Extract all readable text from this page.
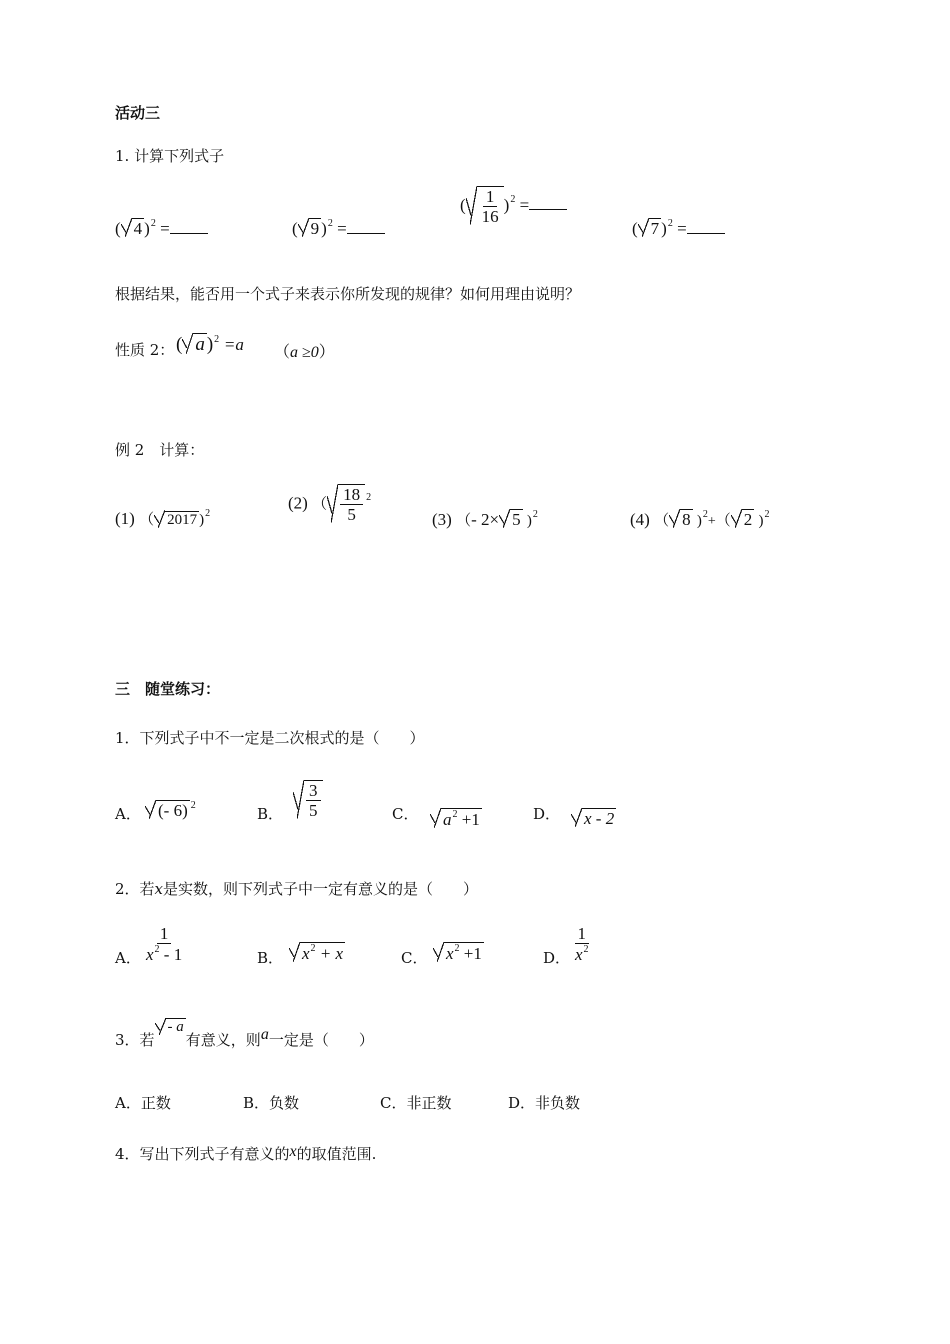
活动三
1. 计算下列式子
( 4 )$^2$ =	( 9 )$^2$ =
( $\frac{1}{16} )^2$ =
( 7 )$^2$ =
根据结果，能否用一个式子来表示你所发现的规律？如何用理由说明？
性质 2： ( a )$^2$ =a （a ≥0）
例 2　计算：
(1) （ 2017 )$^2$
(2) （ $\frac{18}{5} ^2$
(3) （- 2× 5 )$^2$	(4) （ 8 )$^2$+（ 2 )$^2$
三　随堂练习：
1．下列式子中不一定是二次根式的是（　　）
A．	(- 6) $^2$	B． $\frac{3}{5}$	C．	$a^2 +1$	D．	x - 2
2．若x是实数，则下列式子中一定有意义的是（　　）
A． $\frac{1}{x^2 - 1}$	B．	$x^2 + x$	C．	$x^2 +1$	D． $\frac{1}{x^2}$
3．若- a有意义，则a一定是（　　）
A．正数	B．负数	C．非正数	D．非负数
4．写出下列式子有意义的x的取值范围.
